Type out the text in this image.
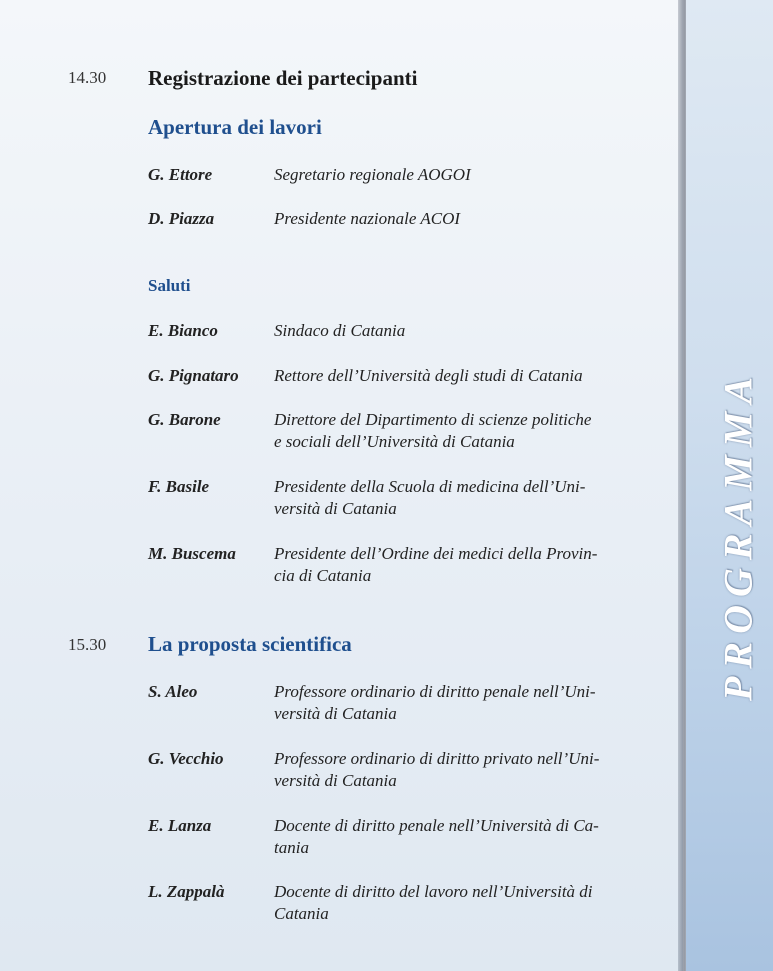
PROGRAMMA
14.30 Registrazione dei partecipanti
Apertura dei lavori
G. Ettore	Segretario regionale AOGOI
D. Piazza	Presidente nazionale ACOI
Saluti
E. Bianco	Sindaco di Catania
G. Pignataro Rettore dell’Università degli studi di Catania
G. Barone	Direttore del Dipartimento di scienze politiche
e sociali dell’Università di Catania
F. Basile	Presidente della Scuola di medicina dell’Uni-
versità di Catania
M. Buscema Presidente dell’Ordine dei medici della Provin-
cia di Catania
15.30 La proposta scientifica
S. Aleo	Professore ordinario di diritto penale nell’Uni-
versità di Catania
G. Vecchio	Professore ordinario di diritto privato nell’Uni-
versità di Catania
E. Lanza	Docente di diritto penale nell’Università di Ca-
tania
L. Zappalà	Docente di diritto del lavoro nell’Università di
Catania
